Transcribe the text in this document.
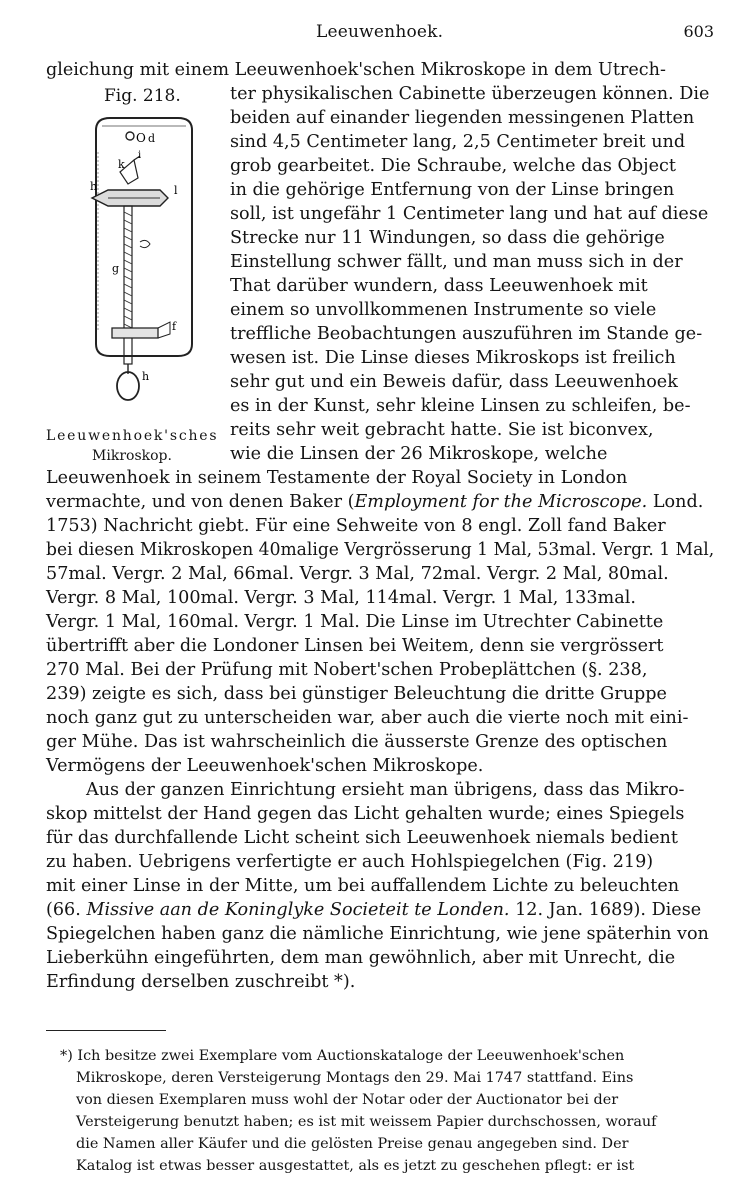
Leeuwenhoek.	603
Fig. 218.
O d
k
i
h	l
g
f
h
Leeuwenhoek'sches
Mikroskop.
gleichung mit einem Leeuwenhoek'schen Mikroskope in dem Utrech-
ter physikalischen Cabinette überzeugen können. Die
beiden auf einander liegenden messingenen Platten
sind 4,5 Centimeter lang, 2,5 Centimeter breit und
grob gearbeitet. Die Schraube, welche das Object
in die gehörige Entfernung von der Linse bringen
soll, ist ungefähr 1 Centimeter lang und hat auf diese
Strecke nur 11 Windungen, so dass die gehörige
Einstellung schwer fällt, und man muss sich in der
That darüber wundern, dass Leeuwenhoek mit
einem so unvollkommenen Instrumente so viele
treffliche Beobachtungen auszuführen im Stande ge-
wesen ist. Die Linse dieses Mikroskops ist freilich
sehr gut und ein Beweis dafür, dass Leeuwenhoek
es in der Kunst, sehr kleine Linsen zu schleifen, be-
reits sehr weit gebracht hatte. Sie ist biconvex,
wie die Linsen der 26 Mikroskope, welche
Leeuwenhoek in seinem Testamente der Royal Society in London
vermachte, und von denen Baker (Employment for the Microscope. Lond.
1753) Nachricht giebt. Für eine Sehweite von 8 engl. Zoll fand Baker
bei diesen Mikroskopen 40malige Vergrösserung 1 Mal, 53mal. Vergr. 1 Mal,
57mal. Vergr. 2 Mal, 66mal. Vergr. 3 Mal, 72mal. Vergr. 2 Mal, 80mal.
Vergr. 8 Mal, 100mal. Vergr. 3 Mal, 114mal. Vergr. 1 Mal, 133mal.
Vergr. 1 Mal, 160mal. Vergr. 1 Mal. Die Linse im Utrechter Cabinette
übertrifft aber die Londoner Linsen bei Weitem, denn sie vergrössert
270 Mal. Bei der Prüfung mit Nobert'schen Probeplättchen (§. 238,
239) zeigte es sich, dass bei günstiger Beleuchtung die dritte Gruppe
noch ganz gut zu unterscheiden war, aber auch die vierte noch mit eini-
ger Mühe. Das ist wahrscheinlich die äusserste Grenze des optischen
Vermögens der Leeuwenhoek'schen Mikroskope.
Aus der ganzen Einrichtung ersieht man übrigens, dass das Mikro-
skop mittelst der Hand gegen das Licht gehalten wurde; eines Spiegels
für das durchfallende Licht scheint sich Leeuwenhoek niemals bedient
zu haben. Uebrigens verfertigte er auch Hohlspiegelchen (Fig. 219)
mit einer Linse in der Mitte, um bei auffallendem Lichte zu beleuchten
(66. Missive aan de Koninglyke Societeit te Londen. 12. Jan. 1689). Diese
Spiegelchen haben ganz die nämliche Einrichtung, wie jene späterhin von
Lieberkühn eingeführten, dem man gewöhnlich, aber mit Unrecht, die
Erfindung derselben zuschreibt *).
*) Ich besitze zwei Exemplare vom Auctionskataloge der Leeuwenhoek'schen
Mikroskope, deren Versteigerung Montags den 29. Mai 1747 stattfand. Eins
von diesen Exemplaren muss wohl der Notar oder der Auctionator bei der
Versteigerung benutzt haben; es ist mit weissem Papier durchschossen, worauf
die Namen aller Käufer und die gelösten Preise genau angegeben sind. Der
Katalog ist etwas besser ausgestattet, als es jetzt zu geschehen pflegt: er ist
